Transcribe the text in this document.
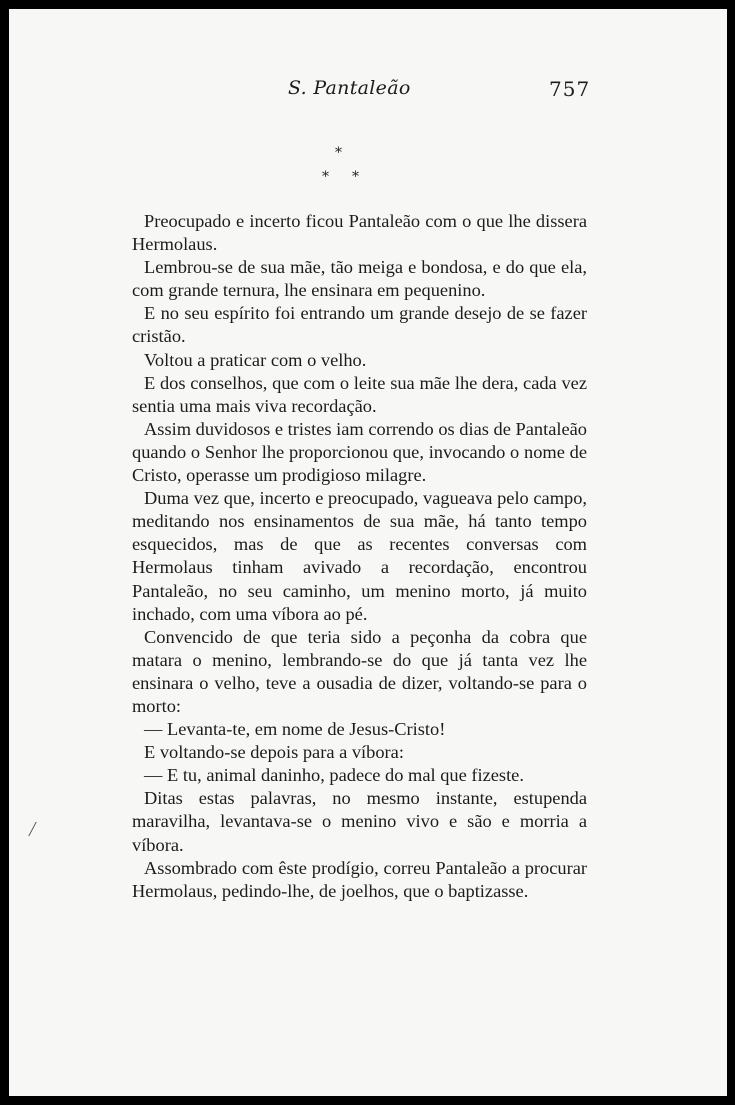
S. Pantaleão	757
*
* *

Preocupado e incerto ficou Pantaleão com o que lhe dissera Hermolaus.

Lembrou-se de sua mãe, tão meiga e bondosa, e do que ela, com grande ternura, lhe ensinara em pequenino.

E no seu espírito foi entrando um grande desejo de se fazer cristão.

Voltou a praticar com o velho.

E dos conselhos, que com o leite sua mãe lhe dera, cada vez sentia uma mais viva recordação.

Assim duvidosos e tristes iam correndo os dias de Pantaleão quando o Senhor lhe proporcionou que, invocando o nome de Cristo, operasse um prodigioso milagre.

Duma vez que, incerto e preocupado, vagueava pelo campo, meditando nos ensinamentos de sua mãe, há tanto tempo esquecidos, mas de que as recentes conversas com Hermolaus tinham avivado a recordação, encontrou Pantaleão, no seu caminho, um menino morto, já muito inchado, com uma víbora ao pé.

Convencido de que teria sido a peçonha da cobra que matara o menino, lembrando-se do que já tanta vez lhe ensinara o velho, teve a ousadia de dizer, voltando-se para o morto:

— Levanta-te, em nome de Jesus-Cristo!

E voltando-se depois para a víbora:

— E tu, animal daninho, padece do mal que fizeste.

Ditas estas palavras, no mesmo instante, estupenda maravilha, levantava-se o menino vivo e são e morria a víbora.

Assombrado com êste prodígio, correu Pantaleão a procurar Hermolaus, pedindo-lhe, de joelhos, que o baptizasse.
